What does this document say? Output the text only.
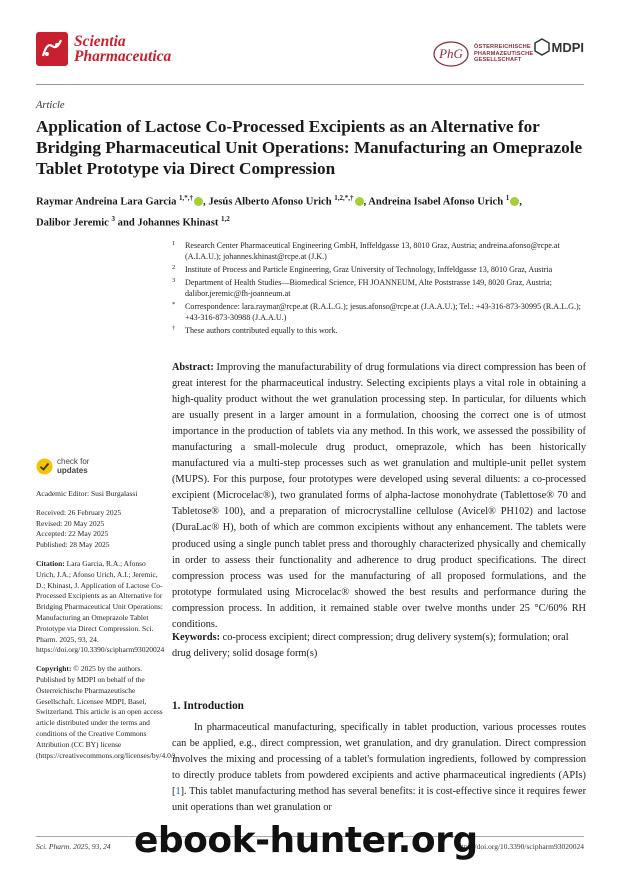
Scientia
Pharmaceutica	PhG ÖSTERREICHISCHE
PHARMAZEUTISCHE
GESELLSCHAFT
MDPI
Article
Application of Lactose Co-Processed Excipients as an Alternative for Bridging Pharmaceutical Unit Operations: Manufacturing an Omeprazole Tablet Prototype via Direct Compression
Raymar Andreina Lara Garcia $^{1,*,\dagger}$ , Jesús Alberto Afonso Urich $^{1,2,*,\dagger}$ , Andreina Isabel Afonso Urich $^1$ ,
Dalibor Jeremic $^3$ and Johannes Khinast $^{1,2}$
1 Research Center Pharmaceutical Engineering GmbH, Inffeldgasse 13, 8010 Graz, Austria; andreina.afonso@rcpe.at (A.I.A.U.); johannes.khinast@rcpe.at (J.K.)
2 Institute of Process and Particle Engineering, Graz University of Technology, Inffeldgasse 13, 8010 Graz, Austria
3 Department of Health Studies—Biomedical Science, FH JOANNEUM, Alte Poststrasse 149, 8020 Graz, Austria; dalibor.jeremic@fh-joanneum.at
* Correspondence: lara.raymar@rcpe.at (R.A.L.G.); jesus.afonso@rcpe.at (J.A.A.U.); Tel.: +43-316-873-30995 (R.A.L.G.); +43-316-873-30988 (J.A.A.U.)
† These authors contributed equally to this work.
check for
updates
Academic Editor: Susi Burgalassi
Received: 26 February 2025
Revised: 20 May 2025
Accepted: 22 May 2025
Published: 28 May 2025
Citation: Lara Garcia, R.A.; Afonso Urich, J.A.; Afonso Urich, A.I.; Jeremic, D.; Khinast, J. Application of Lactose Co-Processed Excipients as an Alternative for Bridging Pharmaceutical Unit Operations: Manufacturing an Omeprazole Tablet Prototype via Direct Compression. Sci. Pharm. 2025, 93, 24. https://doi.org/10.3390/scipharm93020024
Copyright: © 2025 by the authors. Published by MDPI on behalf of the Österreichische Pharmazeutische Gesellschaft. Licensee MDPI, Basel, Switzerland. This article is an open access article distributed under the terms and conditions of the Creative Commons Attribution (CC BY) license (https://creativecommons.org/licenses/by/4.0/).
Abstract: Improving the manufacturability of drug formulations via direct compression has been of great interest for the pharmaceutical industry. Selecting excipients plays a vital role in obtaining a high-quality product without the wet granulation processing step. In particular, for diluents which are usually present in a larger amount in a formulation, choosing the correct one is of utmost importance in the production of tablets via any method. In this work, we assessed the possibility of manufacturing a small-molecule drug product, omeprazole, which has been historically manufactured via a multi-step processes such as wet granulation and multiple-unit pellet system (MUPS). For this purpose, four prototypes were developed using several diluents: a co-processed excipient (Microcelac®), two granulated forms of alpha-lactose monohydrate (Tablettose® 70 and Tabletose® 100), and a preparation of microcrystalline cellulose (Avicel® PH102) and lactose (DuraLac® H), both of which are common excipients without any enhancement. The tablets were produced using a single punch tablet press and thoroughly characterized physically and chemically in order to assess their functionality and adherence to drug product specifications. The direct compression process was used for the manufacturing of all proposed formulations, and the prototype formulated using Microcelac® showed the best results and performance during the compression process. In addition, it remained stable over twelve months under 25 °C/60% RH conditions.
Keywords: co-process excipient; direct compression; drug delivery system(s); formulation; oral drug delivery; solid dosage form(s)
1. Introduction

In pharmaceutical manufacturing, specifically in tablet production, various processes routes can be applied, e.g., direct compression, wet granulation, and dry granulation. Direct compression involves the mixing and processing of a tablet's formulation ingredients, followed by compression to directly produce tablets from powdered excipients and active pharmaceutical ingredients (APIs) [1]. This tablet manufacturing method has several benefits: it is cost-effective since it requires fewer unit operations than wet granulation or

Sci. Pharm. 2025, 93, 24	https://doi.org/10.3390/scipharm93020024
ebook-hunter.org
